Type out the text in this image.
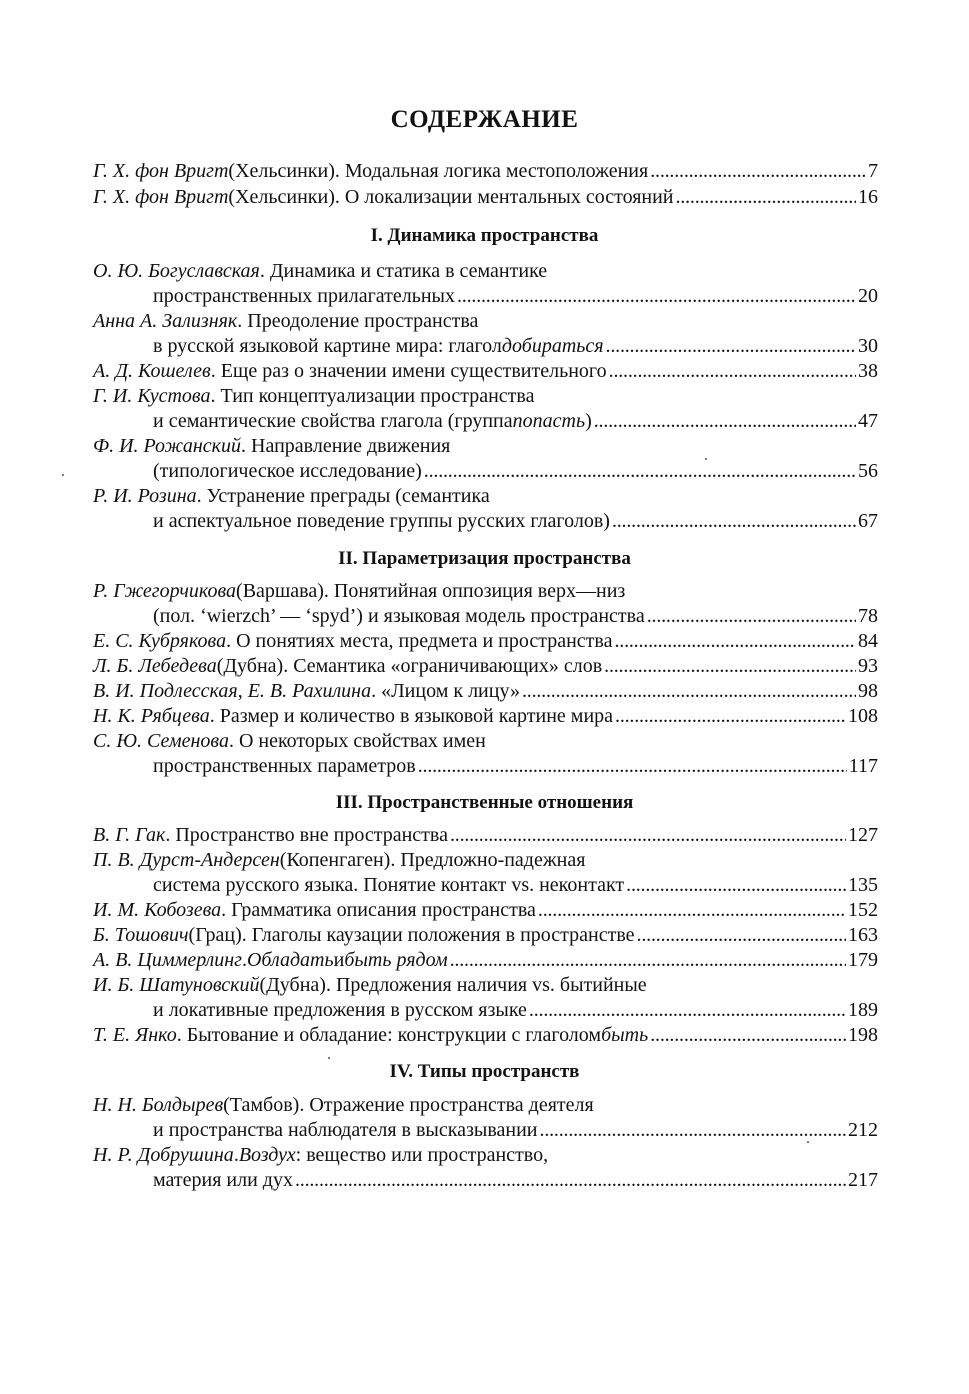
СОДЕРЖАНИЕ
Г. Х. фон Вригт (Хельсинки). Модальная логика местоположения . . .	7
Г. Х. фон Вригт (Хельсинки). О локализации ментальных состояний . . .	16
I. Динамика пространства
О. Ю. Богуславская . Динамика и статика в семантике
пространственных прилагательных . . .	20
Анна А. Зализняк . Преодоление пространства
в русской языковой картине мира: глагол добираться . . .	30
А. Д. Кошелев . Еще раз о значении имени существительного . . .	38
Г. И. Кустова . Тип концептуализации пространства
и семантические свойства глагола (группа попасть ) . . .	47
Ф. И. Рожанский . Направление движения
(типологическое исследование) . . .	56
Р. И. Розина . Устранение преграды (семантика
и аспектуальное поведение группы русских глаголов) . . .	67
II. Параметризация пространства
Р. Гжегорчикова (Варшава). Понятийная оппозиция верх—низ
(пол. ‘wierzch’ — ‘spyd’) и языковая модель пространства . . .	78
Е. С. Кубрякова . О понятиях места, предмета и пространства . . .	84
Л. Б. Лебедева (Дубна). Семантика «ограничивающих» слов . . .	93
В. И. Подлесская, Е. В. Рахилина . «Лицом к лицу» . . .	98
Н. К. Рябцева . Размер и количество в языковой картине мира . . .	108
С. Ю. Семенова . О некоторых свойствах имен
пространственных параметров . . .	117
III. Пространственные отношения
В. Г. Гак . Пространство вне пространства . . .	127
П. В. Дурст-Андерсен (Копенгаген). Предложно-падежная
система русского языка. Понятие контакт vs. неконтакт . . .	135
И. М. Кобозева . Грамматика описания пространства . . .	152
Б. Тошович (Грац). Глаголы каузации положения в пространстве . . .	163
А. В. Циммерлинг . Обладать и быть рядом . . .	179
И. Б. Шатуновский (Дубна). Предложения наличия vs. бытийные
и локативные предложения в русском языке . . .	189
Т. Е. Янко . Бытование и обладание: конструкции с глаголом быть . . .	198
IV. Типы пространств
Н. Н. Болдырев (Тамбов). Отражение пространства деятеля
и пространства наблюдателя в высказывании . . .	212
Н. Р. Добрушина . Воздух : вещество или пространство,
материя или дух . . .	217
